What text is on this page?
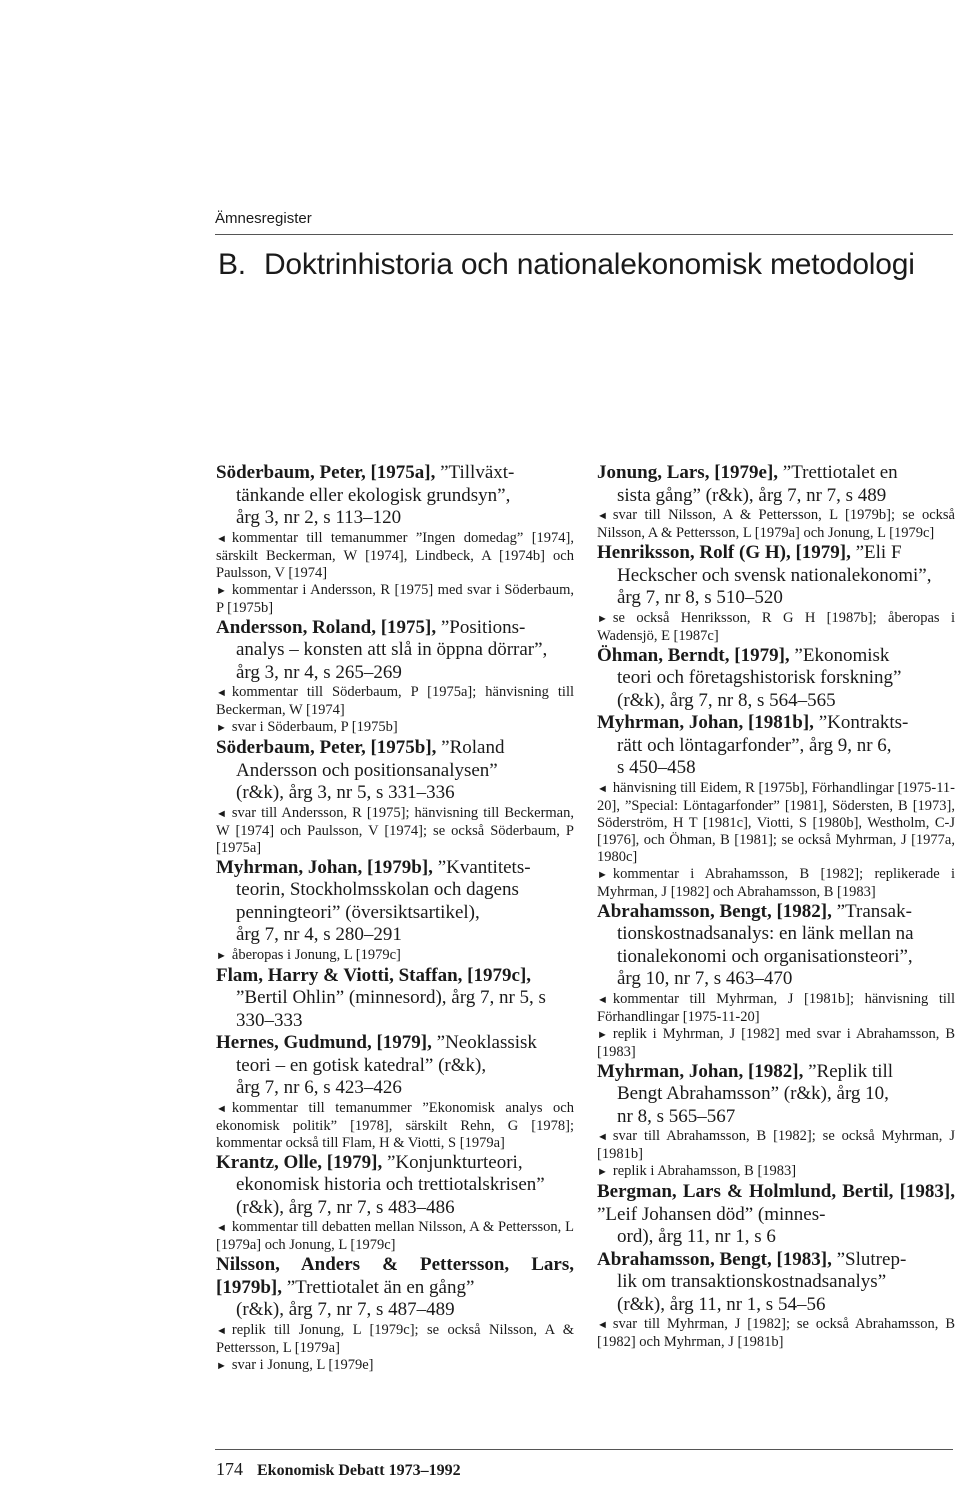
Ämnesregister
B. Doktrinhistoria och nationalekonomisk metodologi
Söderbaum, Peter, [1975a], ”Tillväxt-
tänkande eller ekologisk grundsyn”,
årg 3, nr 2, s 113–120
◄ kommentar till temanummer ”Ingen domedag” [1974], särskilt Beckerman, W [1974], Lindbeck, A [1974b] och Paulsson, V [1974]
► kommentar i Andersson, R [1975] med svar i Söderbaum, P [1975b]
Andersson, Roland, [1975], ”Positions-
analys – konsten att slå in öppna dörrar”, årg 3, nr 4, s 265–269
◄ kommentar till Söderbaum, P [1975a]; hänvisning till Beckerman, W [1974]
► svar i Söderbaum, P [1975b]
Söderbaum, Peter, [1975b], ”Roland
Andersson och positionsanalysen”
(r&k), årg 3, nr 5, s 331–336
◄ svar till Andersson, R [1975]; hänvisning till Beckerman, W [1974] och Paulsson, V [1974]; se också Söderbaum, P [1975a]
Myhrman, Johan, [1979b], ”Kvantitets-
teorin, Stockholmsskolan och dagens penningteori” (översiktsartikel),
årg 7, nr 4, s 280–291
► åberopas i Jonung, L [1979c]
Flam, Harry & Viotti, Staffan, [1979c],
”Bertil Ohlin” (minnesord), årg 7, nr 5, s 330–333
Hernes, Gudmund, [1979], ”Neoklassisk
teori – en gotisk katedral” (r&k),
årg 7, nr 6, s 423–426
◄ kommentar till temanummer ”Ekonomisk analys och ekonomisk politik” [1978], särskilt Rehn, G [1978]; kommentar också till Flam, H & Viotti, S [1979a]
Krantz, Olle, [1979], ”Konjunkturteori,
ekonomisk historia och trettiotalskrisen” (r&k), årg 7, nr 7, s 483–486
◄ kommentar till debatten mellan Nilsson, A & Pettersson, L [1979a] och Jonung, L [1979c]
Nilsson, Anders & Pettersson, Lars, [1979b], ”Trettiotalet än en gång”
(r&k), årg 7, nr 7, s 487–489
◄ replik till Jonung, L [1979c]; se också Nilsson, A & Pettersson, L [1979a]
► svar i Jonung, L [1979e]
Jonung, Lars, [1979e], ”Trettiotalet en
sista gång” (r&k), årg 7, nr 7, s 489
◄ svar till Nilsson, A & Pettersson, L [1979b]; se också Nilsson, A & Pettersson, L [1979a] och Jonung, L [1979c]
Henriksson, Rolf (G H), [1979], ”Eli F
Heckscher och svensk nationalekonomi”, årg 7, nr 8, s 510–520
► se också Henriksson, R G H [1987b]; åberopas i Wadensjö, E [1987c]
Öhman, Berndt, [1979], ”Ekonomisk
teori och företagshistorisk forskning”
(r&k), årg 7, nr 8, s 564–565
Myhrman, Johan, [1981b], ”Kontrakts-
rätt och löntagarfonder”, årg 9, nr 6,
s 450–458
◄ hänvisning till Eidem, R [1975b], Förhandlingar [1975-11-20], ”Special: Löntagarfonder” [1981], Södersten, B [1973], Söderström, H T [1981c], Viotti, S [1980b], Westholm, C-J [1976], och Öhman, B [1981]; se också Myhrman, J [1977a, 1980c]
► kommentar i Abrahamsson, B [1982]; replikerade i Myhrman, J [1982] och Abrahamsson, B [1983]
Abrahamsson, Bengt, [1982], ”Transak-
tionskostnadsanalys: en länk mellan na
tionalekonomi och organisationsteori”,
årg 10, nr 7, s 463–470
◄ kommentar till Myhrman, J [1981b]; hänvisning till Förhandlingar [1975-11-20]
► replik i Myhrman, J [1982] med svar i Abrahamsson, B [1983]
Myhrman, Johan, [1982], ”Replik till
Bengt Abrahamsson” (r&k), årg 10,
nr 8, s 565–567
◄ svar till Abrahamsson, B [1982]; se också Myhrman, J [1981b]
► replik i Abrahamsson, B [1983]
Bergman, Lars & Holmlund, Bertil, [1983], ”Leif Johansen död” (minnes-
ord), årg 11, nr 1, s 6
Abrahamsson, Bengt, [1983], ”Slutrep-
lik om transaktionskostnadsanalys”
(r&k), årg 11, nr 1, s 54–56
◄ svar till Myhrman, J [1982]; se också Abrahamsson, B [1982] och Myhrman, J [1981b]
174 Ekonomisk Debatt 1973–1992
